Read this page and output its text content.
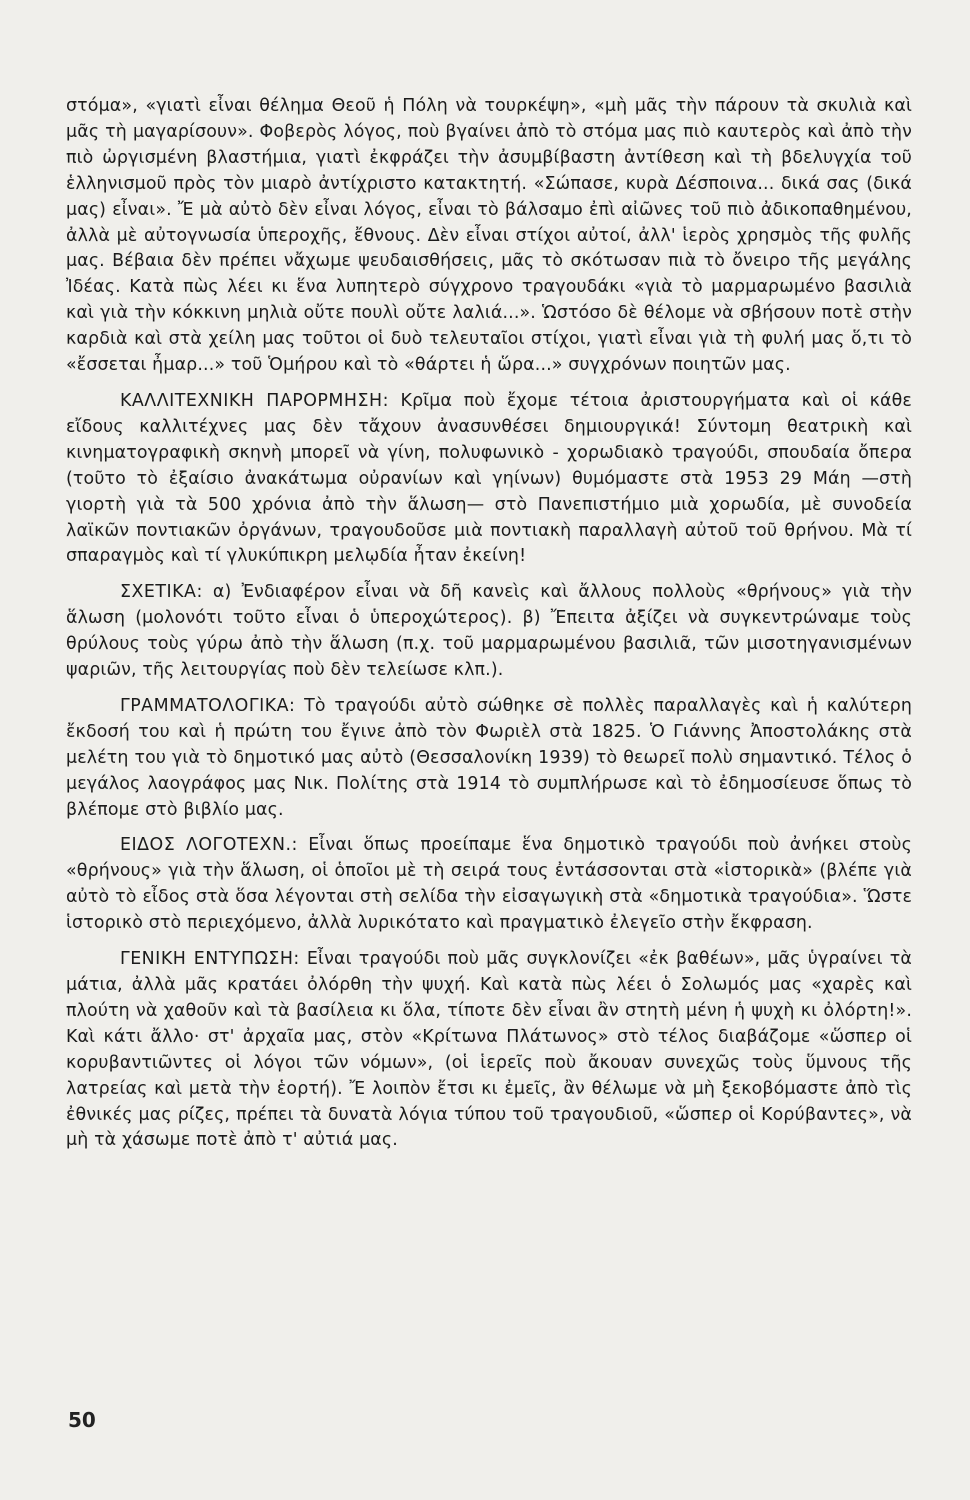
στόμα», «γιατὶ εἶναι θέλημα Θεοῦ ἡ Πόλη νὰ τουρκέψη», «μὴ μᾶς τὴν πάρουν τὰ σκυλιὰ καὶ μᾶς τὴ μαγαρίσουν». Φοβερὸς λόγος, ποὺ βγαίνει ἀπὸ τὸ στόμα μας πιὸ καυτερὸς καὶ ἀπὸ τὴν πιὸ ὠργισμένη βλαστήμια, γιατὶ ἐκφράζει τὴν ἀσυμβίβαστη ἀντίθεση καὶ τὴ βδελυγχία τοῦ ἑλληνισμοῦ πρὸς τὸν μιαρὸ ἀντίχριστο κατακτητή. «Σώπασε, κυρὰ Δέσποινα... δικά σας (δικά μας) εἶναι». Ἔ μὰ αὐτὸ δὲν εἶναι λόγος, εἶναι τὸ βάλσαμο ἐπὶ αἰῶνες τοῦ πιὸ ἀδικοπαθημένου, ἀλλὰ μὲ αὐτογνωσία ὑπεροχῆς, ἔθνους. Δὲν εἶναι στίχοι αὐτοί, ἀλλ' ἱερὸς χρησμὸς τῆς φυλῆς μας. Βέβαια δὲν πρέπει νἄχωμε ψευδαισθήσεις, μᾶς τὸ σκότωσαν πιὰ τὸ ὄνειρο τῆς μεγάλης Ἰδέας. Κατὰ πὼς λέει κι ἕνα λυπητερὸ σύγχρονο τραγουδάκι «γιὰ τὸ μαρμαρωμένο βασιλιὰ καὶ γιὰ τὴν κόκκινη μηλιὰ οὔτε πουλὶ οὔτε λαλιά...». Ὡστόσο δὲ θέλομε νὰ σβήσουν ποτὲ στὴν καρδιὰ καὶ στὰ χείλη μας τοῦτοι οἱ δυὸ τελευταῖοι στίχοι, γιατὶ εἶναι γιὰ τὴ φυλή μας ὅ,τι τὸ «ἔσσεται ἦμαρ...» τοῦ Ὁμήρου καὶ τὸ «θάρτει ἡ ὥρα...» συγχρόνων ποιητῶν μας.

ΚΑΛΛΙΤΕΧΝΙΚΗ ΠΑΡΟΡΜΗΣΗ: Κρῖμα ποὺ ἔχομε τέτοια ἀριστουργήματα καὶ οἱ κάθε εἴδους καλλιτέχνες μας δὲν τἄχουν ἀνασυνθέσει δημιουργικά! Σύντομη θεατρικὴ καὶ κινηματογραφικὴ σκηνὴ μπορεῖ νὰ γίνη, πολυφωνικὸ - χορωδιακὸ τραγούδι, σπουδαία ὄπερα (τοῦτο τὸ ἐξαίσιο ἀνακάτωμα οὐρανίων καὶ γηίνων) θυμόμαστε στὰ 1953 29 Μάη —στὴ γιορτὴ γιὰ τὰ 500 χρόνια ἀπὸ τὴν ἅλωση— στὸ Πανεπιστήμιο μιὰ χορωδία, μὲ συνοδεία λαϊκῶν ποντιακῶν ὀργάνων, τραγουδοῦσε μιὰ ποντιακὴ παραλλαγὴ αὐτοῦ τοῦ θρήνου. Μὰ τί σπαραγμὸς καὶ τί γλυκύπικρη μελῳδία ἦταν ἐκείνη!

ΣΧΕΤΙΚΑ: α) Ἐνδιαφέρον εἶναι νὰ δῆ κανεὶς καὶ ἄλλους πολλοὺς «θρήνους» γιὰ τὴν ἅλωση (μολονότι τοῦτο εἶναι ὁ ὑπεροχώτερος). β) Ἔπειτα ἀξίζει νὰ συγκεντρώναμε τοὺς θρύλους τοὺς γύρω ἀπὸ τὴν ἅλωση (π.χ. τοῦ μαρμαρωμένου βασιλιᾶ, τῶν μισοτηγανισμένων ψαριῶν, τῆς λειτουργίας ποὺ δὲν τελείωσε κλπ.).

ΓΡΑΜΜΑΤΟΛΟΓΙΚΑ: Τὸ τραγούδι αὐτὸ σώθηκε σὲ πολλὲς παραλλαγὲς καὶ ἡ καλύτερη ἔκδοσή του καὶ ἡ πρώτη του ἔγινε ἀπὸ τὸν Φωριὲλ στὰ 1825. Ὁ Γιάννης Ἀποστολάκης στὰ μελέτη του γιὰ τὸ δημοτικό μας αὐτὸ (Θεσσαλονίκη 1939) τὸ θεωρεῖ πολὺ σημαντικό. Τέλος ὁ μεγάλος λαογράφος μας Νικ. Πολίτης στὰ 1914 τὸ συμπλήρωσε καὶ τὸ ἐδημοσίευσε ὅπως τὸ βλέπομε στὸ βιβλίο μας.

ΕΙΔΟΣ ΛΟΓΟΤΕΧΝ.: Εἶναι ὅπως προείπαμε ἕνα δημοτικὸ τραγούδι ποὺ ἀνήκει στοὺς «θρήνους» γιὰ τὴν ἅλωση, οἱ ὁποῖοι μὲ τὴ σειρά τους ἐντάσσονται στὰ «ἱστορικὰ» (βλέπε γιὰ αὐτὸ τὸ εἶδος στὰ ὅσα λέγονται στὴ σελίδα τὴν εἰσαγωγικὴ στὰ «δημοτικὰ τραγούδια». Ὥστε ἱστορικὸ στὸ περιεχόμενο, ἀλλὰ λυρικότατο καὶ πραγματικὸ ἐλεγεῖο στὴν ἔκφραση.

ΓΕΝΙΚΗ ΕΝΤΥΠΩΣΗ: Εἶναι τραγούδι ποὺ μᾶς συγκλονίζει «ἐκ βαθέων», μᾶς ὑγραίνει τὰ μάτια, ἀλλὰ μᾶς κρατάει ὀλόρθη τὴν ψυχή. Καὶ κατὰ πὼς λέει ὁ Σολωμός μας «χαρὲς καὶ πλούτη νὰ χαθοῦν καὶ τὰ βασίλεια κι ὅλα, τίποτε δὲν εἶναι ἂν στητὴ μένη ἡ ψυχὴ κι ὀλόρτη!». Καὶ κάτι ἄλλο· στ' ἀρχαῖα μας, στὸν «Κρίτωνα Πλάτωνος» στὸ τέλος διαβάζομε «ὥσπερ οἱ κορυβαντιῶντες οἱ λόγοι τῶν νόμων», (οἱ ἱερεῖς ποὺ ἄκουαν συνεχῶς τοὺς ὕμνους τῆς λατρείας καὶ μετὰ τὴν ἑορτή). Ἔ λοιπὸν ἔτσι κι ἐμεῖς, ἂν θέλωμε νὰ μὴ ξεκοβόμαστε ἀπὸ τὶς ἐθνικές μας ρίζες, πρέπει τὰ δυνατὰ λόγια τύπου τοῦ τραγουδιοῦ, «ὥσπερ οἱ Κορύβαντες», νὰ μὴ τὰ χάσωμε ποτὲ ἀπὸ τ' αὐτιά μας.

50
